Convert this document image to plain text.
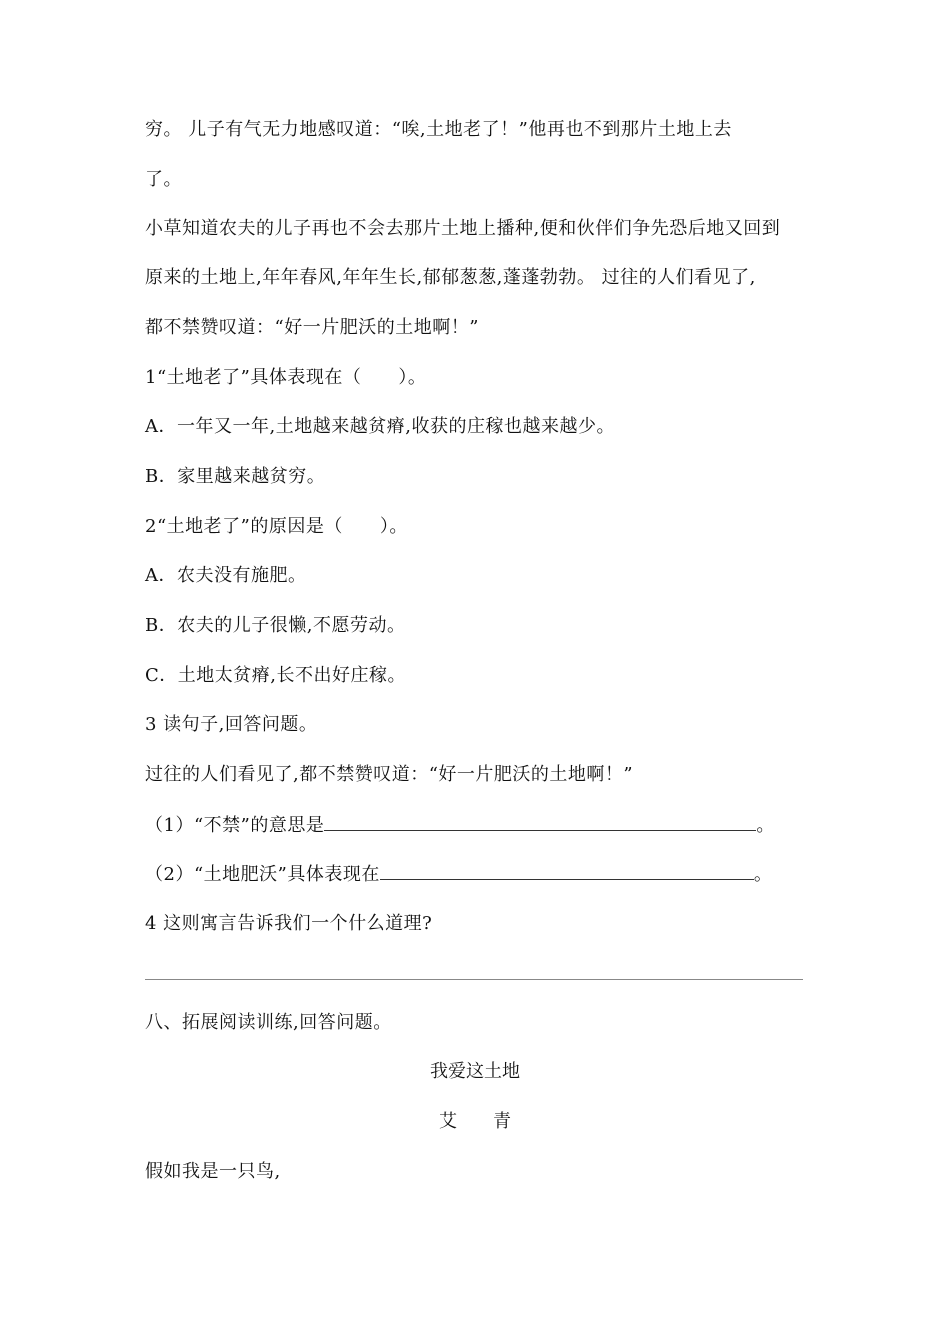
穷。 儿子有气无力地感叹道：“唉,土地老了！”他再也不到那片土地上去
了。
小草知道农夫的儿子再也不会去那片土地上播种,便和伙伴们争先恐后地又回到
原来的土地上,年年春风,年年生长,郁郁葱葱,蓬蓬勃勃。 过往的人们看见了,
都不禁赞叹道：“好一片肥沃的土地啊！”
1“土地老了”具体表现在（　　）。
A．一年又一年,土地越来越贫瘠,收获的庄稼也越来越少。
B．家里越来越贫穷。
2“土地老了”的原因是（　　）。
A．农夫没有施肥。
B．农夫的儿子很懒,不愿劳动。
C．土地太贫瘠,长不出好庄稼。
3 读句子,回答问题。
过往的人们看见了,都不禁赞叹道：“好一片肥沃的土地啊！”
（1）“不禁”的意思是	。
（2）“土地肥沃”具体表现在	。
4 这则寓言告诉我们一个什么道理?
八、拓展阅读训练,回答问题。
我爱这土地
艾　　青
假如我是一只鸟,
